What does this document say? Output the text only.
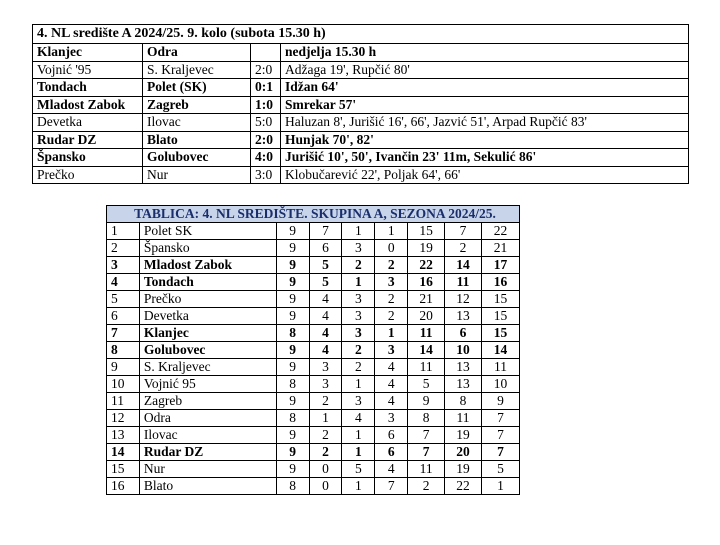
4. NL središte A 2024/25. 9. kolo (subota 15.30 h)			
Klanjec	Odra		nedjelja 15.30 h
Vojnić '95	S. Kraljevec	2:0	Adžaga 19', Rupčić 80'
Tondach	Polet (SK)	0:1	Idžan 64'
Mladost Zabok	Zagreb	1:0	Smrekar 57'
Devetka	Ilovac	5:0	Haluzan 8', Jurišić 16', 66', Jazvić 51', Arpad Rupčić 83'
Rudar DZ	Blato	2:0	Hunjak 70', 82'
Špansko	Golubovec	4:0	Jurišić 10', 50', Ivančin 23' 11m, Sekulić 86'
Prečko	Nur	3:0	Klobučarević 22', Poljak 64', 66'
TABLICA: 4. NL SREDIŠTE. SKUPINA A, SEZONA 2024/25.								
1	Polet SK	9	7	1	1	15	7	22
2	Špansko	9	6	3	0	19	2	21
3	Mladost Zabok	9	5	2	2	22	14	17
4	Tondach	9	5	1	3	16	11	16
5	Prečko	9	4	3	2	21	12	15
6	Devetka	9	4	3	2	20	13	15
7	Klanjec	8	4	3	1	11	6	15
8	Golubovec	9	4	2	3	14	10	14
9	S. Kraljevec	9	3	2	4	11	13	11
10	Vojnić 95	8	3	1	4	5	13	10
11	Zagreb	9	2	3	4	9	8	9
12	Odra	8	1	4	3	8	11	7
13	Ilovac	9	2	1	6	7	19	7
14	Rudar DZ	9	2	1	6	7	20	7
15	Nur	9	0	5	4	11	19	5
16	Blato	8	0	1	7	2	22	1
